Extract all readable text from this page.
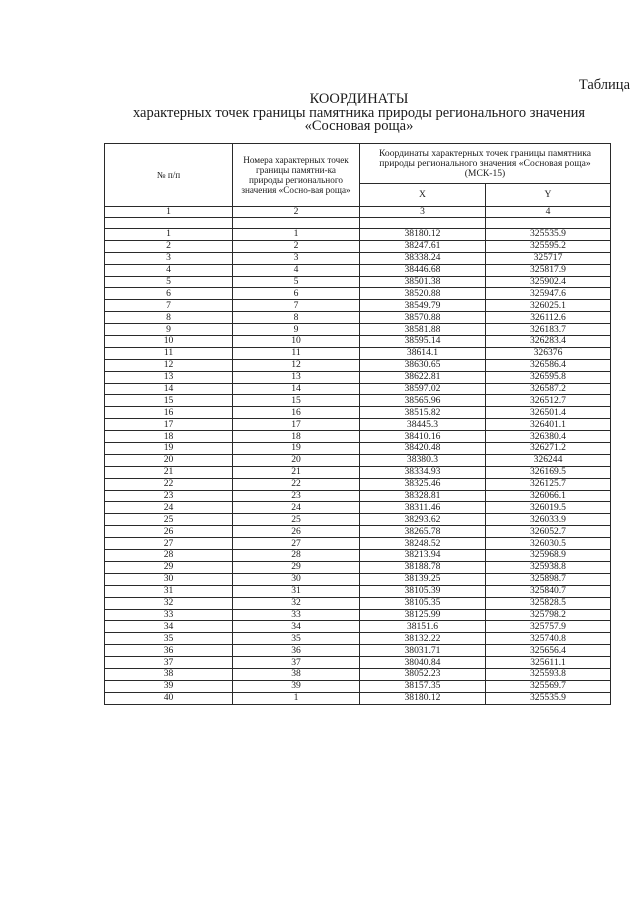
Таблица
КООРДИНАТЫ
характерных точек границы памятника природы регионального значения
«Сосновая роща»
№ п/п	Номера характерных точек границы памятни-ка природы регионального значения «Сосно-вая роща»	Координаты характерных точек границы памятника природы регионального значения «Сосновая роща» (МСК-15)	
		X	Y
1	2	3	4

1	1	38180.12	325535.9
2	2	38247.61	325595.2
3	3	38338.24	325717
4	4	38446.68	325817.9
5	5	38501.38	325902.4
6	6	38520.88	325947.6
7	7	38549.79	326025.1
8	8	38570.88	326112.6
9	9	38581.88	326183.7
10	10	38595.14	326283.4
11	11	38614.1	326376
12	12	38630.65	326586.4
13	13	38622.81	326595.8
14	14	38597.02	326587.2
15	15	38565.96	326512.7
16	16	38515.82	326501.4
17	17	38445.3	326401.1
18	18	38410.16	326380.4
19	19	38420.48	326271.2
20	20	38380.3	326244
21	21	38334.93	326169.5
22	22	38325.46	326125.7
23	23	38328.81	326066.1
24	24	38311.46	326019.5
25	25	38293.62	326033.9
26	26	38265.78	326052.7
27	27	38248.52	326030.5
28	28	38213.94	325968.9
29	29	38188.78	325938.8
30	30	38139.25	325898.7
31	31	38105.39	325840.7
32	32	38105.35	325828.5
33	33	38125.99	325798.2
34	34	38151.6	325757.9
35	35	38132.22	325740.8
36	36	38031.71	325656.4
37	37	38040.84	325611.1
38	38	38052.23	325593.8
39	39	38157.35	325569.7
40	1	38180.12	325535.9
